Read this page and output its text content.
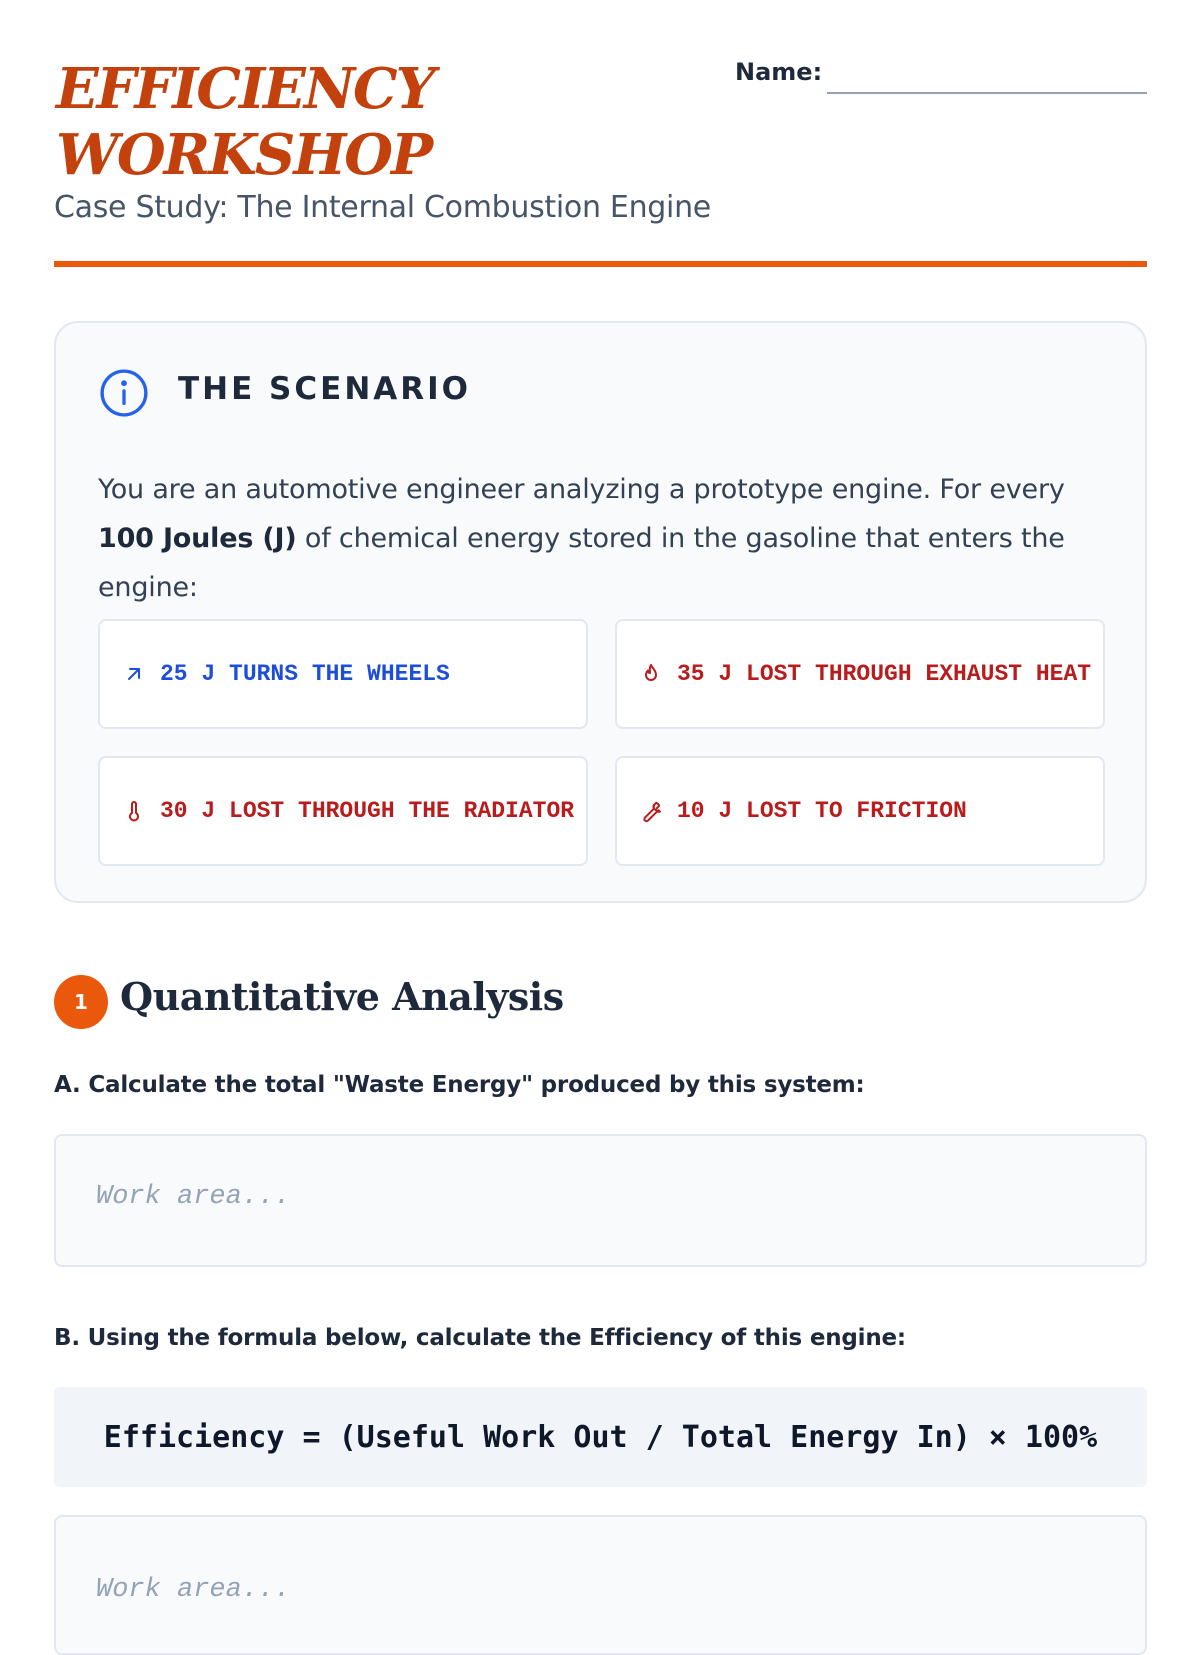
EFFICIENCY
WORKSHOP
Case Study: The Internal Combustion Engine
Name:
THE SCENARIO

You are an automotive engineer analyzing a prototype engine. For every 100 Joules (J) of chemical energy stored in the gasoline that enters the engine:

25 J TURNS THE WHEELS	35 J LOST THROUGH EXHAUST HEAT
30 J LOST THROUGH THE RADIATOR	10 J LOST TO FRICTION
1 Quantitative Analysis
A. Calculate the total "Waste Energy" produced by this system:
Work area...
B. Using the formula below, calculate the Efficiency of this engine:
Efficiency = (Useful Work Out / Total Energy In) × 100%
Work area...
